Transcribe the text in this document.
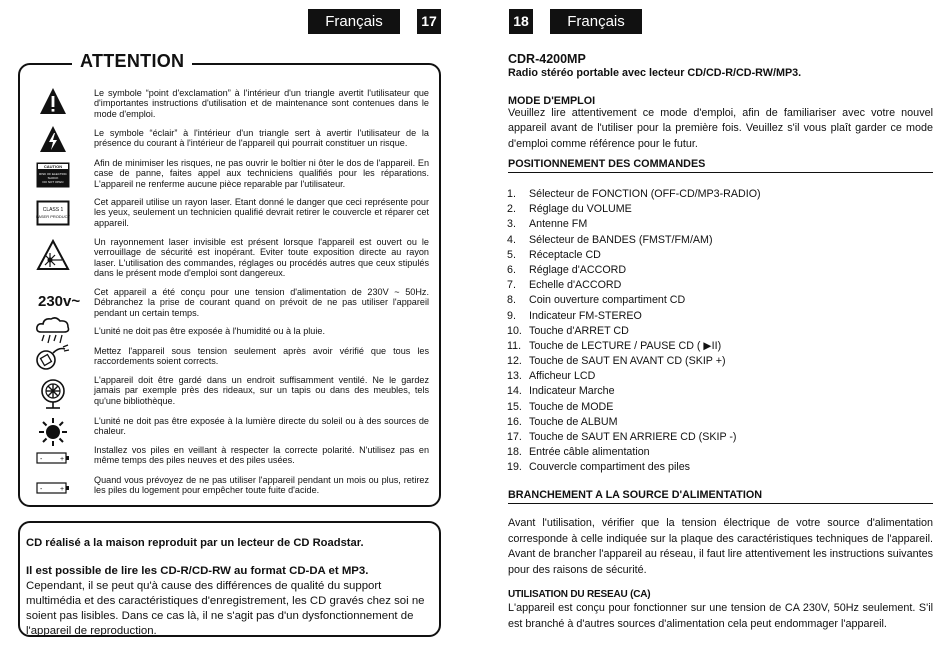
Français	17	18	Français
ATTENTION
CAUTION
RISK OF ELECTRIC
SHOCK
DO NOT OPEN
CLASS 1
LASER PRODUCT
230v~
-	+
-	+
Le symbole “point d'exclamation” à l'intérieur d'un triangle avertit l'utilisateur que d'importantes instructions d'utilisation et de maintenance sont contenues dans le mode d'emploi.
Le symbole “éclair” à l'intérieur d'un triangle sert à avertir l'utilisateur de la présence du courant à l'intérieur de l'appareil qui pourrait constituer un risque.
Afin de minimiser les risques, ne pas ouvrir le boîtier ni ôter le dos de l'appareil. En case de panne, faites appel aux techniciens qualifiés pour les réparations. L'appareil ne renferme aucune pièce reparable par l'utilisateur.
Cet appareil utilise un rayon laser. Etant donné le danger que ceci représente pour les yeux, seulement un technicien qualifié devrait retirer le couvercle et réparer cet appareil.
Un rayonnement laser invisible est présent lorsque l'appareil est ouvert ou le verrouillage de sécurité est inopérant. Eviter toute exposition directe au rayon laser. L'utilisation des commandes, réglages ou procédés autres que ceux stipulés dans le présent mode d'emploi sont dangereux.
Cet appareil a été conçu pour une tension d'alimentation de 230V ~ 50Hz. Débranchez la prise de courant quand on prévoit de ne pas utiliser l'appareil pendant un certain temps.
L'unité ne doit pas être exposée à l'humidité ou à la pluie.
Mettez l'appareil sous tension seulement après avoir vérifié que tous les raccordements soient corrects.
L'appareil doit être gardé dans un endroit suffisamment ventilé. Ne le gardez jamais par exemple près des rideaux, sur un tapis ou dans des meubles, tels qu'une bibliothèque.
L'unité ne doit pas être exposée à la lumière directe du soleil ou à des sources de chaleur.
Installez vos piles en veillant à respecter la correcte polarité. N'utilisez pas en même temps des piles neuves et des piles usées.
Quand vous prévoyez de ne pas utiliser l'appareil pendant un mois ou plus, retirez les piles du logement pour empêcher toute fuite d'acide.
CD réalisé a la maison reproduit par un lecteur de CD Roadstar.
Il est possible de lire les CD-R/CD-RW au format CD-DA et MP3. Cependant, il se peut qu'à cause des différences de qualité du support multimédia et des caractéristiques d'enregistrement, les CD gravés chez soi ne soient pas lisibles. Dans ce cas là, il ne s'agit pas d'un dysfonctionnement de l'appareil de reproduction.
CDR-4200MP
Radio stéréo portable avec lecteur CD/CD-R/CD-RW/MP3.
MODE D'EMPLOI
Veuillez lire attentivement ce mode d'emploi, afin de familiariser avec votre nouvel appareil avant de l'utiliser pour la première fois. Veuillez s'il vous plaît garder ce mode d'emploi comme référence pour le futur.
POSITIONNEMENT DES COMMANDES
1.	Sélecteur de FONCTION (OFF-CD/MP3-RADIO)
2.	Réglage du VOLUME
3.	Antenne FM
4.	Sélecteur de BANDES (FMST/FM/AM)
5.	Réceptacle CD
6.	Réglage d'ACCORD
7.	Echelle d'ACCORD
8.	Coin ouverture compartiment CD
9.	Indicateur FM-STEREO
10. Touche d'ARRET CD
11. Touche de LECTURE / PAUSE CD ( ▶II)
12. Touche de SAUT EN AVANT CD (SKIP +)
13. Afficheur LCD
14. Indicateur Marche
15. Touche de MODE
16. Touche de ALBUM
17. Touche de SAUT EN ARRIERE CD (SKIP -)
18. Entrée câble alimentation
19. Couvercle compartiment des piles
BRANCHEMENT A LA SOURCE D'ALIMENTATION
Avant l'utilisation, vérifier que la tension électrique de votre source d'alimentation corresponde à celle indiquée sur la plaque des caractéristiques techniques de l'appareil. Avant de brancher l'appareil au réseau, il faut lire attentivement les instructions suivantes pour des raisons de sécurité.
UTILISATION DU RESEAU (CA)
L'appareil est conçu pour fonctionner sur une tension de CA 230V, 50Hz seulement. S'il est branché à d'autres sources d'alimentation cela peut endommager l'appareil.
